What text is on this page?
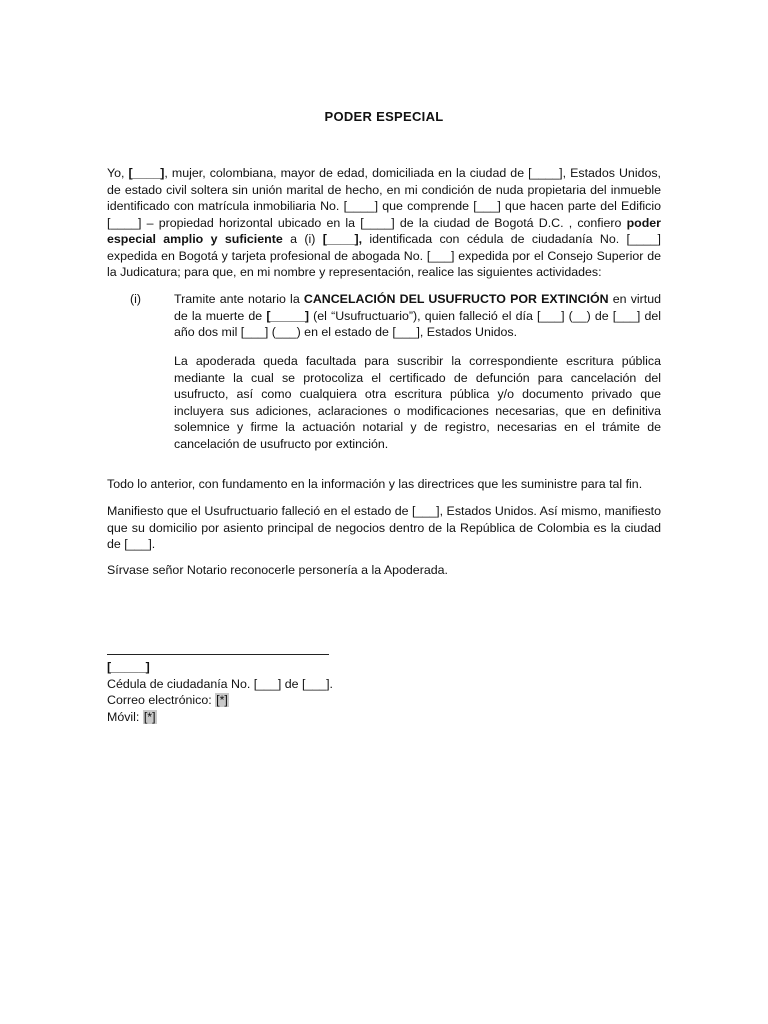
PODER ESPECIAL

Yo, [____], mujer, colombiana, mayor de edad, domiciliada en la ciudad de [____], Estados Unidos, de estado civil soltera sin unión marital de hecho, en mi condición de nuda propietaria del inmueble identificado con matrícula inmobiliaria No. [____] que comprende [___] que hacen parte del Edificio [____] – propiedad horizontal ubicado en la [____] de la ciudad de Bogotá D.C. , confiero poder especial amplio y suficiente a (i) [____], identificada con cédula de ciudadanía No. [____] expedida en Bogotá y tarjeta profesional de abogada No. [___] expedida por el Consejo Superior de la Judicatura; para que, en mi nombre y representación, realice las siguientes actividades:

(i)	Tramite ante notario la CANCELACIÓN DEL USUFRUCTO POR EXTINCIÓN en virtud de la muerte de [_____] (el “Usufructuario”), quien falleció el día [___] (__) de [___] del año dos mil [___] (___) en el estado de [___], Estados Unidos.

La apoderada queda facultada para suscribir la correspondiente escritura pública mediante la cual se protocoliza el certificado de defunción para cancelación del usufructo, así como cualquiera otra escritura pública y/o documento privado que incluyera sus adiciones, aclaraciones o modificaciones necesarias, que en definitiva solemnice y firme la actuación notarial y de registro, necesarias en el trámite de cancelación de usufructo por extinción.

Todo lo anterior, con fundamento en la información y las directrices que les suministre para tal fin.

Manifiesto que el Usufructuario falleció en el estado de [___], Estados Unidos. Así mismo, manifiesto que su domicilio por asiento principal de negocios dentro de la República de Colombia es la ciudad de [___].

Sírvase señor Notario reconocerle personería a la Apoderada.

[_____]
Cédula de ciudadanía No. [___] de [___].
Correo electrónico: [*]
Móvil: [*]
